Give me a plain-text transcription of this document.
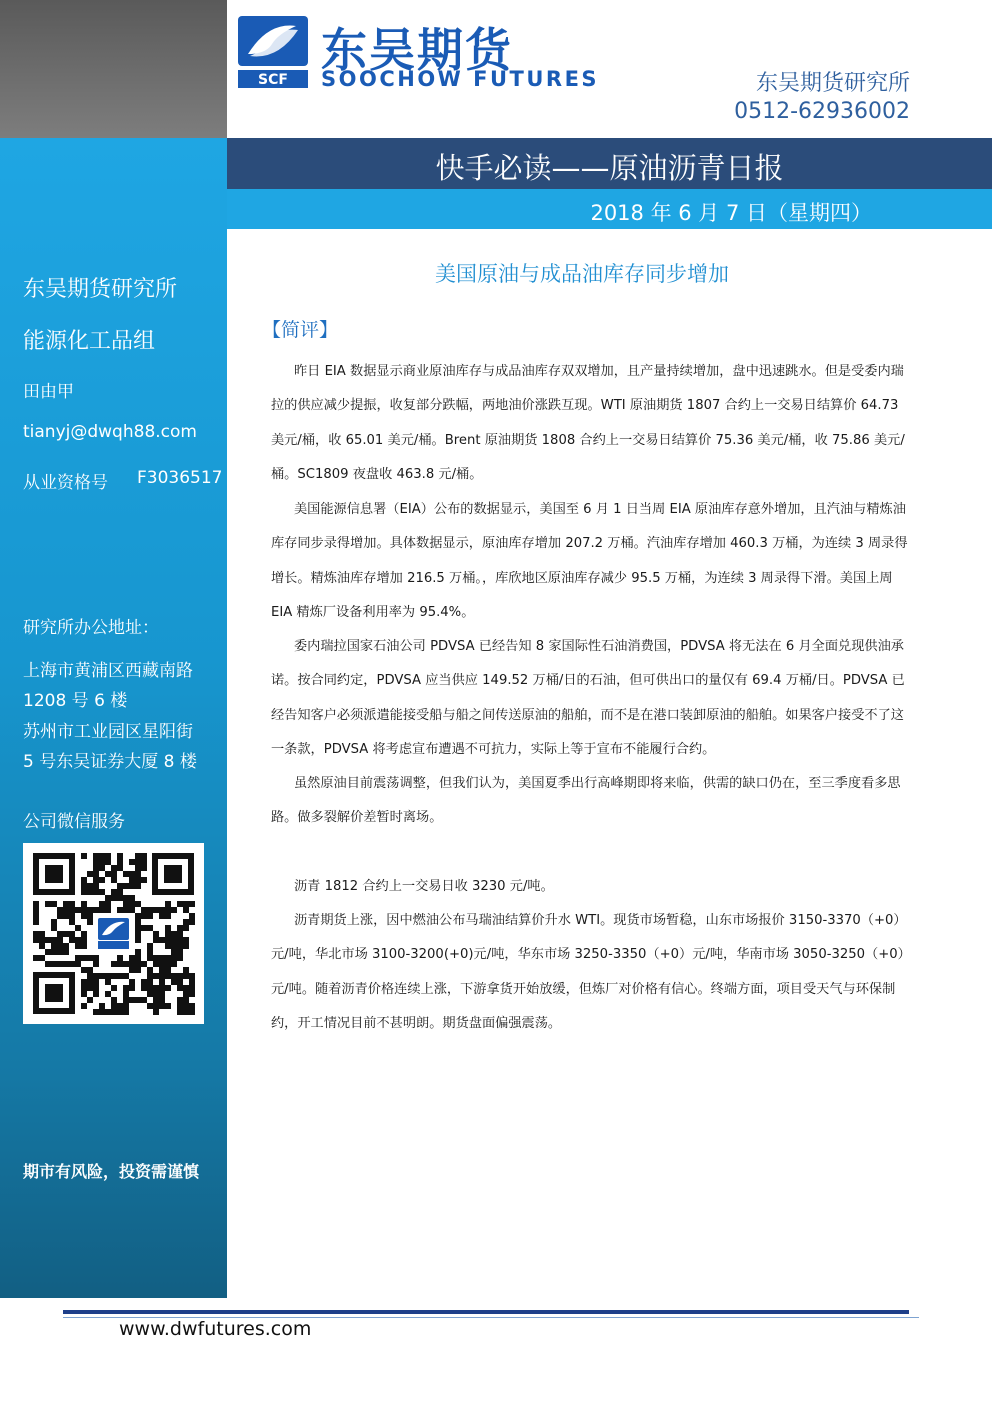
SCF
东吴期货
SOOCHOW FUTURES	东吴期货研究所
0512-62936002
快手必读——原油沥青日报
2018 年 6 月 7 日（星期四）
东吴期货研究所
能源化工品组
田由甲
tianyj@dwqh88.com
从业资格号 F3036517
研究所办公地址：
上海市黄浦区西藏南路
1208 号 6 楼
苏州市工业园区星阳街
5 号东吴证券大厦 8 楼
公司微信服务
期市有风险，投资需谨慎
美国原油与成品油库存同步增加
【简评】

昨日 EIA 数据显示商业原油库存与成品油库存双双增加，且产量持续增加，盘中迅速跳水。但是受委内瑞拉的供应减少提振，收复部分跌幅，两地油价涨跌互现。WTI 原油期货 1807 合约上一交易日结算价 64.73 美元/桶，收 65.01 美元/桶。Brent 原油期货 1808 合约上一交易日结算价 75.36 美元/桶，收 75.86 美元/桶。SC1809 夜盘收 463.8 元/桶。

美国能源信息署（EIA）公布的数据显示，美国至 6 月 1 日当周 EIA 原油库存意外增加，且汽油与精炼油库存同步录得增加。具体数据显示，原油库存增加 207.2 万桶。汽油库存增加 460.3 万桶，为连续 3 周录得增长。精炼油库存增加 216.5 万桶。，库欣地区原油库存减少 95.5 万桶，为连续 3 周录得下滑。美国上周 EIA 精炼厂设备利用率为 95.4%。

委内瑞拉国家石油公司 PDVSA 已经告知 8 家国际性石油消费国，PDVSA 将无法在 6 月全面兑现供油承诺。按合同约定，PDVSA 应当供应 149.52 万桶/日的石油，但可供出口的量仅有 69.4 万桶/日。PDVSA 已经告知客户必须派遣能接受船与船之间传送原油的船舶，而不是在港口装卸原油的船舶。如果客户接受不了这一条款，PDVSA 将考虑宣布遭遇不可抗力，实际上等于宣布不能履行合约。

虽然原油目前震荡调整，但我们认为，美国夏季出行高峰期即将来临，供需的缺口仍在，至三季度看多思路。做多裂解价差暂时离场。

沥青 1812 合约上一交易日收 3230 元/吨。

沥青期货上涨，因中燃油公布马瑞油结算价升水 WTI。现货市场暂稳，山东市场报价 3150-3370（+0）元/吨，华北市场 3100-3200(+0)元/吨，华东市场 3250-3350（+0）元/吨，华南市场 3050-3250（+0） 元/吨。随着沥青价格连续上涨，下游拿货开始放缓，但炼厂对价格有信心。终端方面，项目受天气与环保制约，开工情况目前不甚明朗。期货盘面偏强震荡。

www.dwfutures.com
